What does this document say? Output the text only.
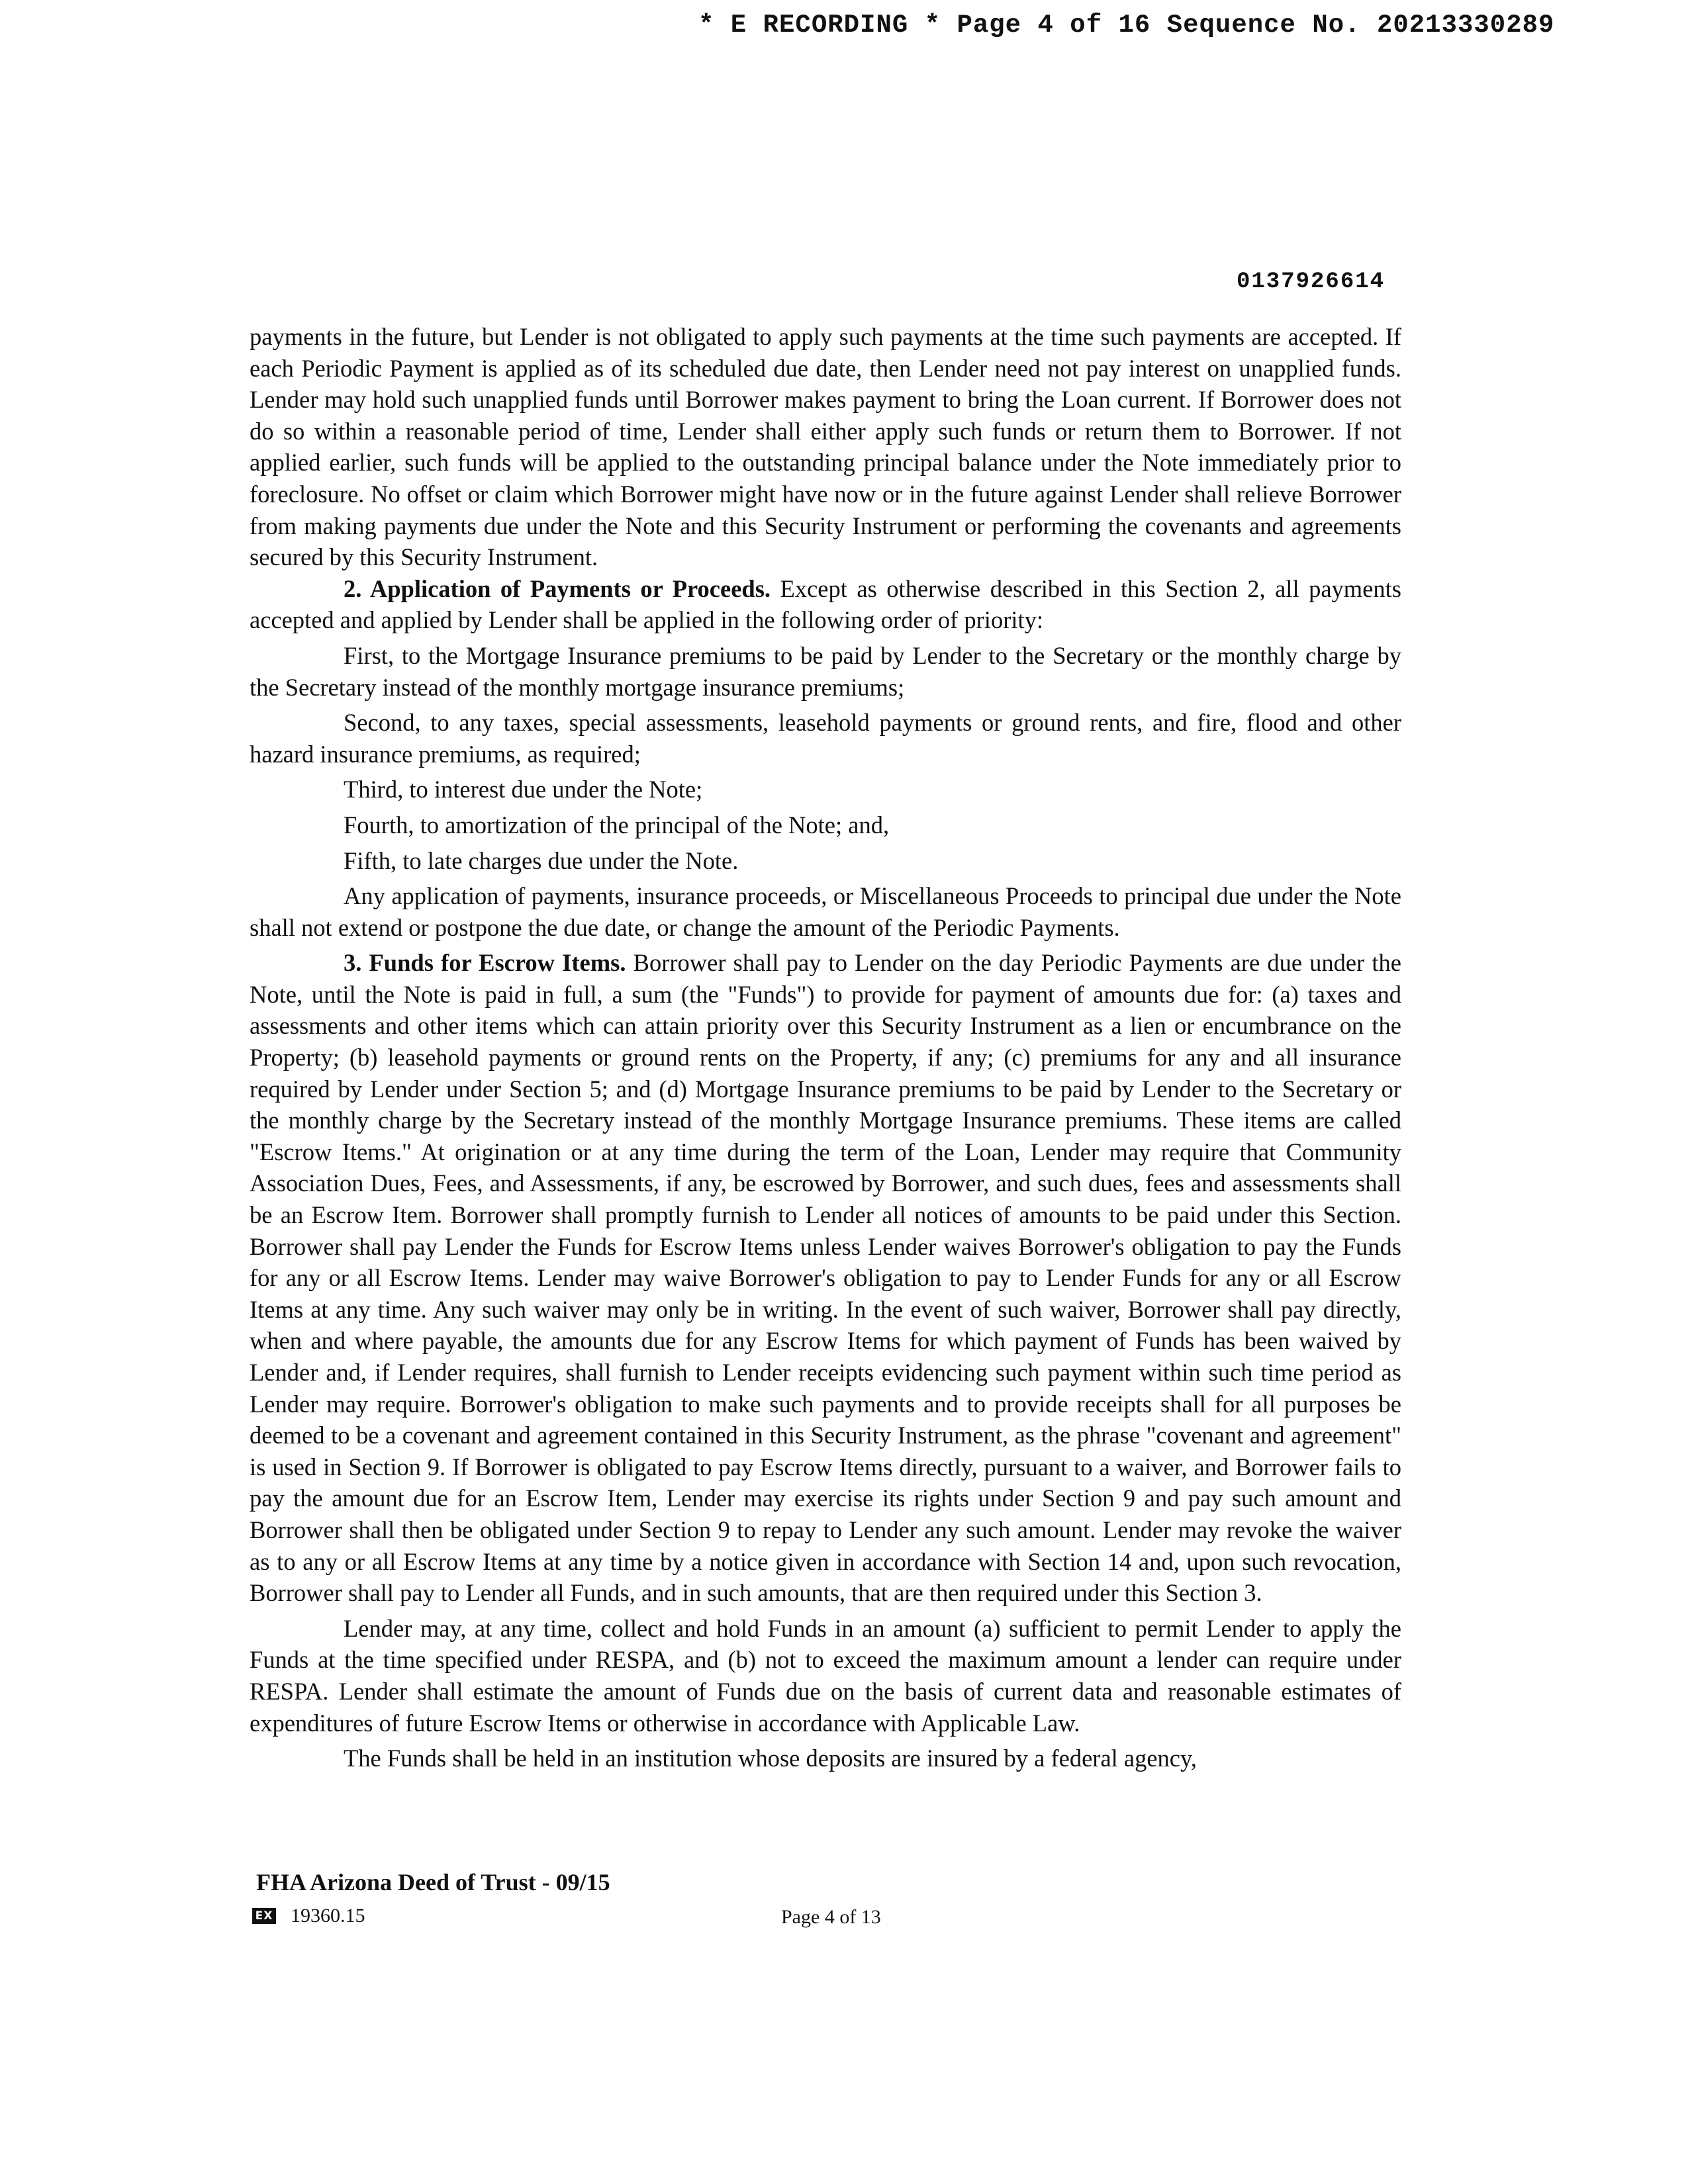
* E RECORDING * Page 4 of 16 Sequence No. 20213330289
0137926614

payments in the future, but Lender is not obligated to apply such payments at the time such payments are accepted. If each Periodic Payment is applied as of its scheduled due date, then Lender need not pay interest on unapplied funds. Lender may hold such unapplied funds until Borrower makes payment to bring the Loan current. If Borrower does not do so within a reasonable period of time, Lender shall either apply such funds or return them to Borrower. If not applied earlier, such funds will be applied to the outstanding principal balance under the Note immediately prior to foreclosure. No offset or claim which Borrower might have now or in the future against Lender shall relieve Borrower from making payments due under the Note and this Security Instrument or performing the covenants and agreements secured by this Security Instrument.

2. Application of Payments or Proceeds. Except as otherwise described in this Section 2, all payments accepted and applied by Lender shall be applied in the following order of priority:

First, to the Mortgage Insurance premiums to be paid by Lender to the Secretary or the monthly charge by the Secretary instead of the monthly mortgage insurance premiums;

Second, to any taxes, special assessments, leasehold payments or ground rents, and fire, flood and other hazard insurance premiums, as required;

Third, to interest due under the Note;

Fourth, to amortization of the principal of the Note; and,

Fifth, to late charges due under the Note.

Any application of payments, insurance proceeds, or Miscellaneous Proceeds to principal due under the Note shall not extend or postpone the due date, or change the amount of the Periodic Payments.

3. Funds for Escrow Items. Borrower shall pay to Lender on the day Periodic Payments are due under the Note, until the Note is paid in full, a sum (the "Funds") to provide for payment of amounts due for: (a) taxes and assessments and other items which can attain priority over this Security Instrument as a lien or encumbrance on the Property; (b) leasehold payments or ground rents on the Property, if any; (c) premiums for any and all insurance required by Lender under Section 5; and (d) Mortgage Insurance premiums to be paid by Lender to the Secretary or the monthly charge by the Secretary instead of the monthly Mortgage Insurance premiums. These items are called "Escrow Items." At origination or at any time during the term of the Loan, Lender may require that Community Association Dues, Fees, and Assessments, if any, be escrowed by Borrower, and such dues, fees and assessments shall be an Escrow Item. Borrower shall promptly furnish to Lender all notices of amounts to be paid under this Section. Borrower shall pay Lender the Funds for Escrow Items unless Lender waives Borrower's obligation to pay the Funds for any or all Escrow Items. Lender may waive Borrower's obligation to pay to Lender Funds for any or all Escrow Items at any time. Any such waiver may only be in writing. In the event of such waiver, Borrower shall pay directly, when and where payable, the amounts due for any Escrow Items for which payment of Funds has been waived by Lender and, if Lender requires, shall furnish to Lender receipts evidencing such payment within such time period as Lender may require. Borrower's obligation to make such payments and to provide receipts shall for all purposes be deemed to be a covenant and agreement contained in this Security Instrument, as the phrase "covenant and agreement" is used in Section 9. If Borrower is obligated to pay Escrow Items directly, pursuant to a waiver, and Borrower fails to pay the amount due for an Escrow Item, Lender may exercise its rights under Section 9 and pay such amount and Borrower shall then be obligated under Section 9 to repay to Lender any such amount. Lender may revoke the waiver as to any or all Escrow Items at any time by a notice given in accordance with Section 14 and, upon such revocation, Borrower shall pay to Lender all Funds, and in such amounts, that are then required under this Section 3.

Lender may, at any time, collect and hold Funds in an amount (a) sufficient to permit Lender to apply the Funds at the time specified under RESPA, and (b) not to exceed the maximum amount a lender can require under RESPA. Lender shall estimate the amount of Funds due on the basis of current data and reasonable estimates of expenditures of future Escrow Items or otherwise in accordance with Applicable Law.

The Funds shall be held in an institution whose deposits are insured by a federal agency,

FHA Arizona Deed of Trust - 09/15
EX 19360.15	Page 4 of 13
